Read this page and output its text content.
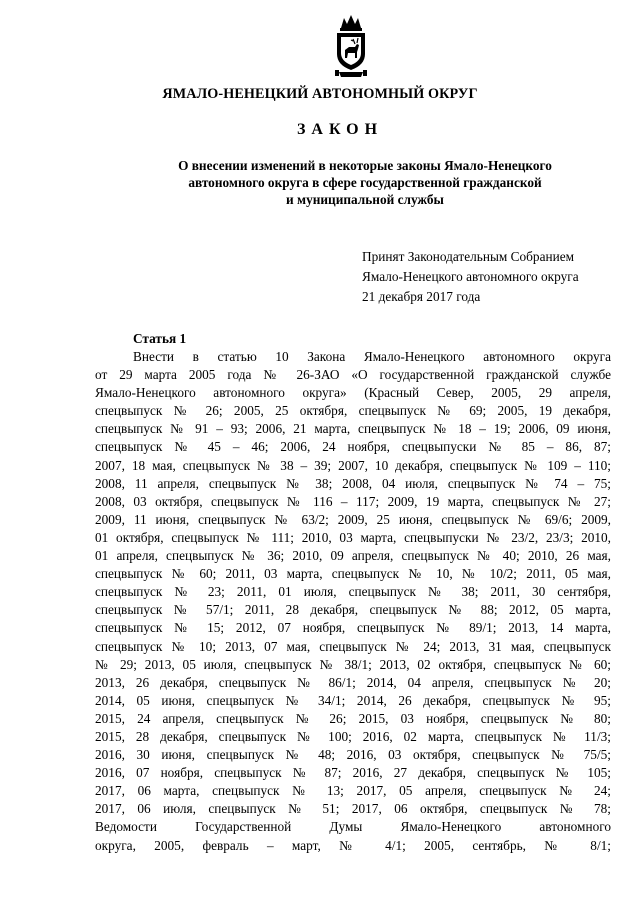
ЯМАЛО-НЕНЕЦКИЙ АВТОНОМНЫЙ ОКРУГ
ЗАКОН
О внесении изменений в некоторые законы Ямало-Ненецкого
автономного округа в сфере государственной гражданской
и муниципальной службы
Принят Законодательным Собранием
Ямало-Ненецкого автономного округа
21 декабря 2017 года
Статья 1
Внести в статью 10 Закона Ямало-Ненецкого автономного округа
от 29 марта 2005 года № 26-ЗАО «О государственной гражданской службе
Ямало-Ненецкого автономного округа» (Красный Север, 2005, 29 апреля,
спецвыпуск № 26; 2005, 25 октября, спецвыпуск № 69; 2005, 19 декабря,
спецвыпуск № 91 – 93; 2006, 21 марта, спецвыпуск № 18 – 19; 2006, 09 июня,
спецвыпуск № 45 – 46; 2006, 24 ноября, спецвыпуски № 85 – 86, 87;
2007, 18 мая, спецвыпуск № 38 – 39; 2007, 10 декабря, спецвыпуск № 109 – 110;
2008, 11 апреля, спецвыпуск № 38; 2008, 04 июля, спецвыпуск № 74 – 75;
2008, 03 октября, спецвыпуск № 116 – 117; 2009, 19 марта, спецвыпуск № 27;
2009, 11 июня, спецвыпуск № 63/2; 2009, 25 июня, спецвыпуск № 69/6; 2009,
01 октября, спецвыпуск № 111; 2010, 03 марта, спецвыпуски № 23/2, 23/3; 2010,
01 апреля, спецвыпуск № 36; 2010, 09 апреля, спецвыпуск № 40; 2010, 26 мая,
спецвыпуск № 60; 2011, 03 марта, спецвыпуск № 10, № 10/2; 2011, 05 мая,
спецвыпуск № 23; 2011, 01 июля, спецвыпуск № 38; 2011, 30 сентября,
спецвыпуск № 57/1; 2011, 28 декабря, спецвыпуск № 88; 2012, 05 марта,
спецвыпуск № 15; 2012, 07 ноября, спецвыпуск № 89/1; 2013, 14 марта,
спецвыпуск № 10; 2013, 07 мая, спецвыпуск № 24; 2013, 31 мая, спецвыпуск
№ 29; 2013, 05 июля, спецвыпуск № 38/1; 2013, 02 октября, спецвыпуск № 60;
2013, 26 декабря, спецвыпуск № 86/1; 2014, 04 апреля, спецвыпуск № 20;
2014, 05 июня, спецвыпуск № 34/1; 2014, 26 декабря, спецвыпуск № 95;
2015, 24 апреля, спецвыпуск № 26; 2015, 03 ноября, спецвыпуск № 80;
2015, 28 декабря, спецвыпуск № 100; 2016, 02 марта, спецвыпуск № 11/3;
2016, 30 июня, спецвыпуск № 48; 2016, 03 октября, спецвыпуск № 75/5;
2016, 07 ноября, спецвыпуск № 87; 2016, 27 декабря, спецвыпуск № 105;
2017, 06 марта, спецвыпуск № 13; 2017, 05 апреля, спецвыпуск № 24;
2017, 06 июля, спецвыпуск № 51; 2017, 06 октября, спецвыпуск № 78;
Ведомости Государственной Думы Ямало-Ненецкого автономного
округа, 2005, февраль – март, № 4/1; 2005, сентябрь, № 8/1;
